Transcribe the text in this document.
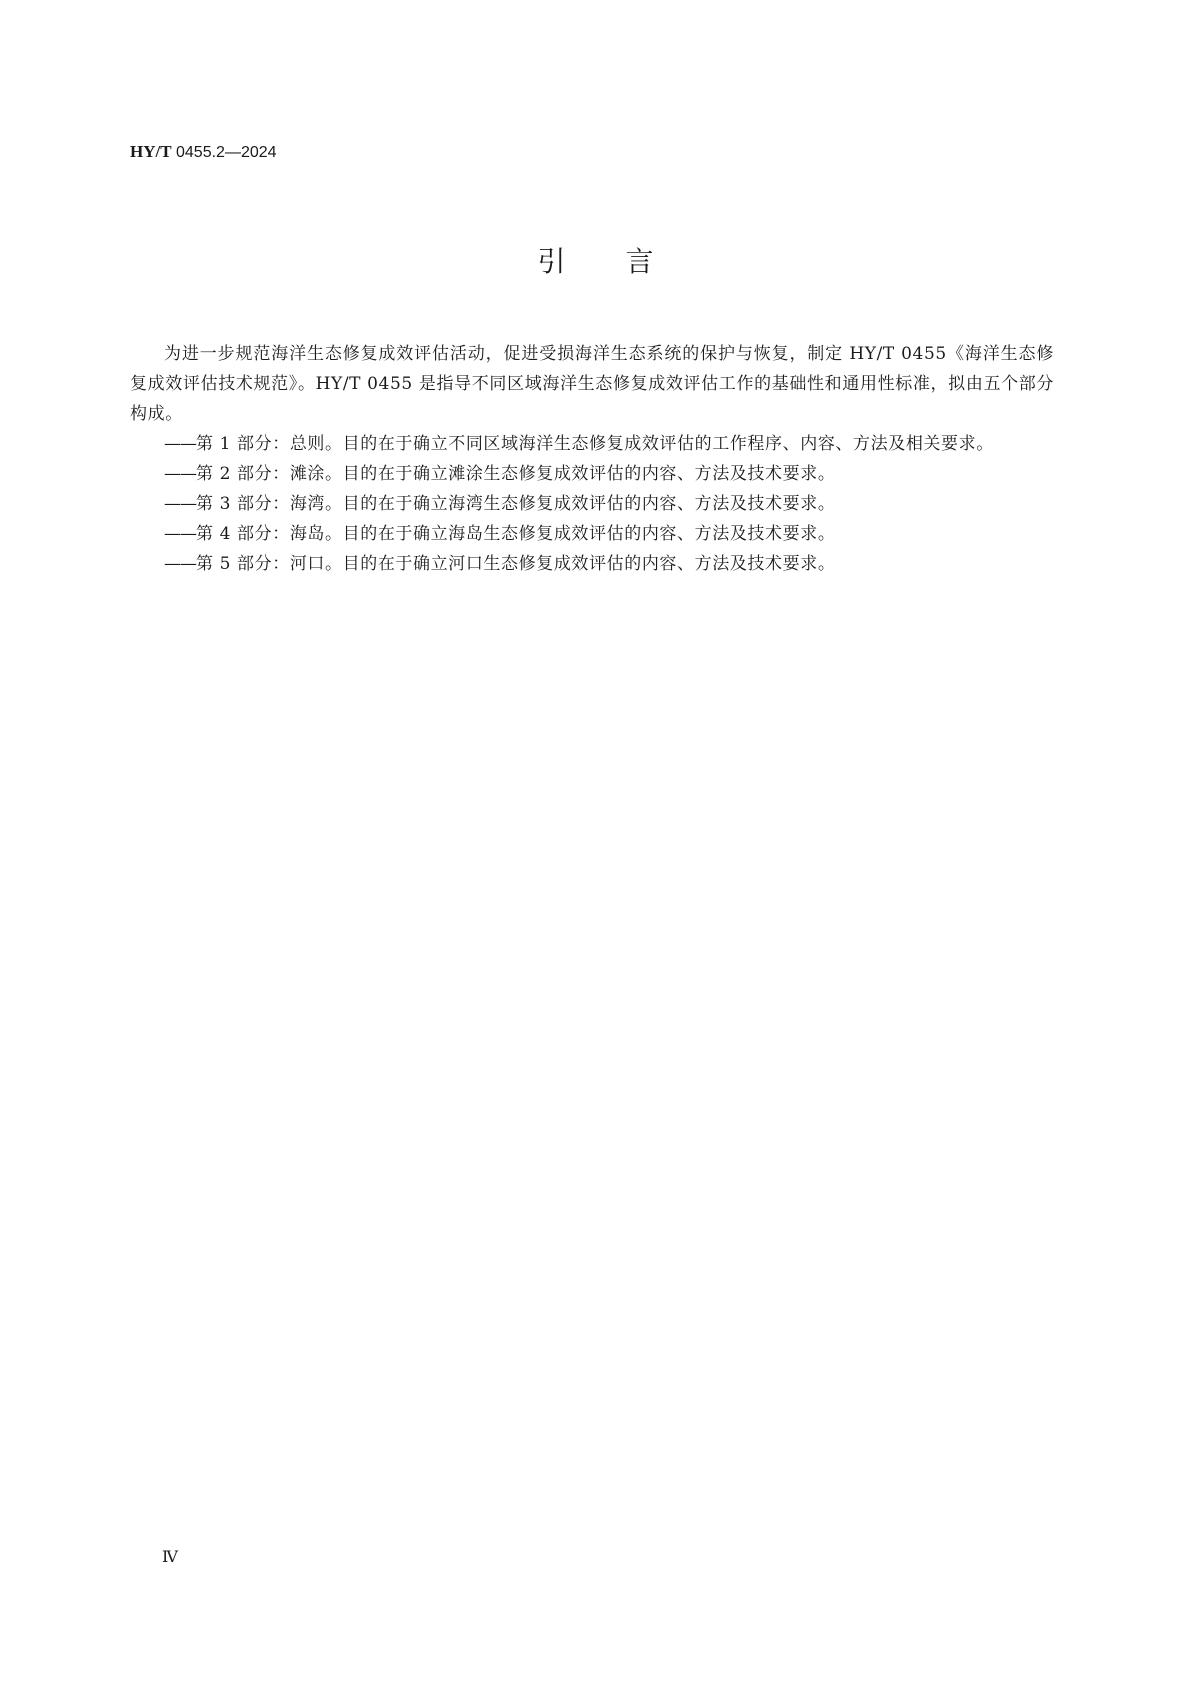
HY/T 0455.2—2024
引言

为进一步规范海洋生态修复成效评估活动，促进受损海洋生态系统的保护与恢复，制定 HY/T 0455《海洋生态修复成效评估技术规范》。HY/T 0455 是指导不同区域海洋生态修复成效评估工作的基础性和通用性标准，拟由五个部分构成。

——第 1 部分：总则。目的在于确立不同区域海洋生态修复成效评估的工作程序、内容、方法及相关要求。
——第 2 部分：滩涂。目的在于确立滩涂生态修复成效评估的内容、方法及技术要求。
——第 3 部分：海湾。目的在于确立海湾生态修复成效评估的内容、方法及技术要求。
——第 4 部分：海岛。目的在于确立海岛生态修复成效评估的内容、方法及技术要求。
——第 5 部分：河口。目的在于确立河口生态修复成效评估的内容、方法及技术要求。
Ⅳ
